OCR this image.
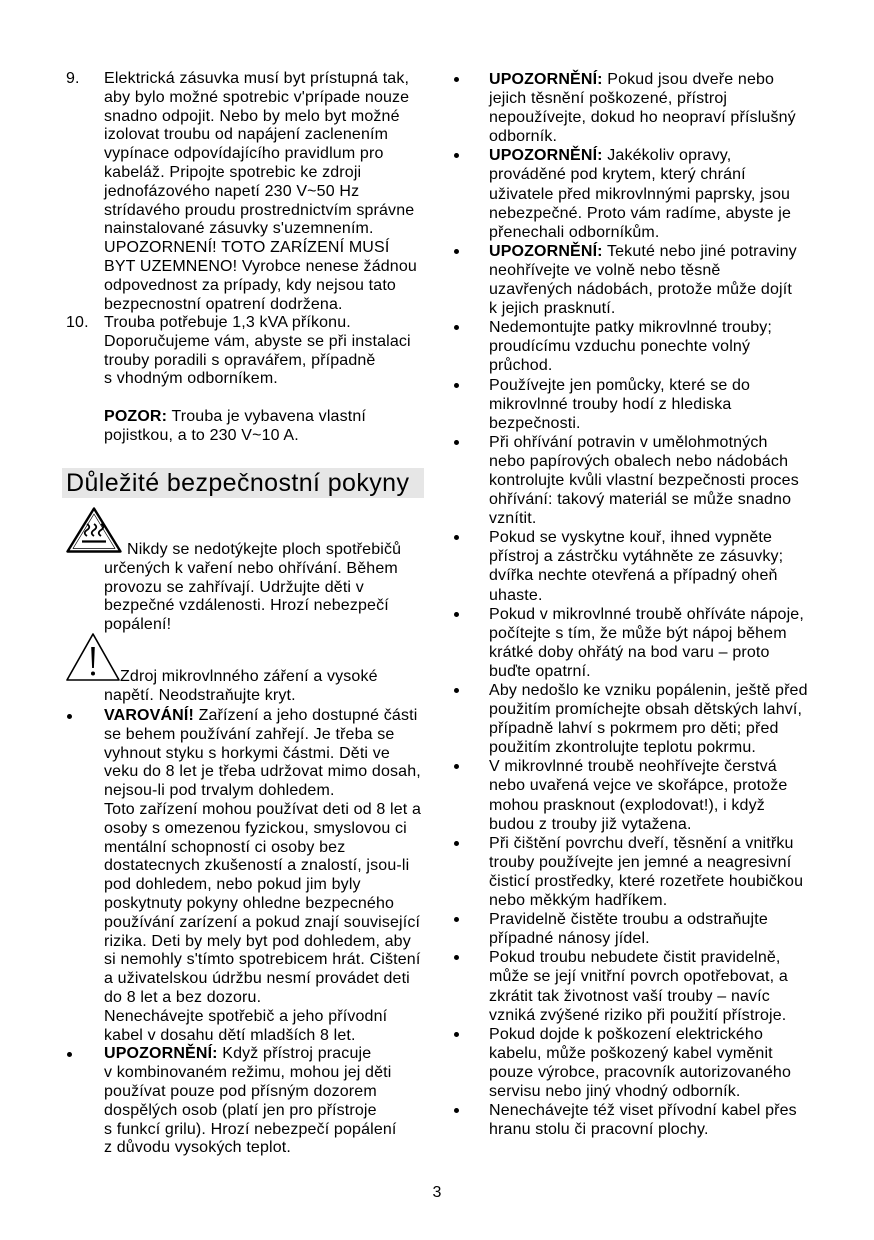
9. Elektrická zásuvka musí byt prístupná tak,
aby bylo možné spotrebic v'prípade nouze
snadno odpojit. Nebo by melo byt možné
izolovat troubu od napájení zaclenením
vypínace odpovídajícího pravidlum pro
kabeláž. Pripojte spotrebic ke zdroji
jednofázového napetí 230 V~50 Hz
strídavého proudu prostrednictvím správne
nainstalované zásuvky s'uzemnením.
UPOZORNENÍ! TOTO ZARÍZENÍ MUSÍ
BYT UZEMNENO! Vyrobce nenese žádnou
odpovednost za prípady, kdy nejsou tato
bezpecnostní opatrení dodržena.
10. Trouba potřebuje 1,3 kVA příkonu.
Doporučujeme vám, abyste se při instalaci
trouby poradili s opravářem, případně
s vhodným odborníkem.
POZOR: Trouba je vybavena vlastní
pojistkou, a to 230 V~10 A.
Důležité bezpečnostní pokyny
Nikdy se nedotýkejte ploch spotřebičů
určených k vaření nebo ohřívání. Během
provozu se zahřívají. Udržujte děti v
bezpečné vzdálenosti. Hrozí nebezpečí
popálení!
Zdroj mikrovlnného záření a vysoké
napětí. Neodstraňujte kryt.
VAROVÁNÍ! Zařízení a jeho dostupné části
se behem používání zahřejí. Je třeba se
vyhnout styku s horkymi částmi. Děti ve
veku do 8 let je třeba udržovat mimo dosah,
nejsou-li pod trvalym dohledem.
Toto zařízení mohou používat deti od 8 let a
osoby s omezenou fyzickou, smyslovou ci
mentální schopností ci osoby bez
dostatecnych zkušeností a znalostí, jsou-li
pod dohledem, nebo pokud jim byly
poskytnuty pokyny ohledne bezpecného
používání zarízení a pokud znají související
rizika. Deti by mely byt pod dohledem, aby
si nemohly s'tímto spotrebicem hrát. Cištení
a uživatelskou údržbu nesmí provádet deti
do 8 let a bez dozoru.
Nenechávejte spotřebič a jeho přívodní
kabel v dosahu dětí mladších 8 let.
UPOZORNĚNÍ: Když přístroj pracuje
v kombinovaném režimu, mohou jej děti
používat pouze pod přísným dozorem
dospělých osob (platí jen pro přístroje
s funkcí grilu). Hrozí nebezpečí popálení
z důvodu vysokých teplot.
UPOZORNĚNÍ: Pokud jsou dveře nebo
jejich těsnění poškozené, přístroj
nepoužívejte, dokud ho neopraví příslušný
odborník.
UPOZORNĚNÍ: Jakékoliv opravy,
prováděné pod krytem, který chrání
uživatele před mikrovlnnými paprsky, jsou
nebezpečné. Proto vám radíme, abyste je
přenechali odborníkům.
UPOZORNĚNÍ: Tekuté nebo jiné potraviny
neohřívejte ve volně nebo těsně
uzavřených nádobách, protože může dojít
k jejich prasknutí.
Nedemontujte patky mikrovlnné trouby;
proudícímu vzduchu ponechte volný
průchod.
Používejte jen pomůcky, které se do
mikrovlnné trouby hodí z hlediska
bezpečnosti.
Při ohřívání potravin v umělohmotných
nebo papírových obalech nebo nádobách
kontrolujte kvůli vlastní bezpečnosti proces
ohřívání: takový materiál se může snadno
vznítit.
Pokud se vyskytne kouř, ihned vypněte
přístroj a zástrčku vytáhněte ze zásuvky;
dvířka nechte otevřená a případný oheň
uhaste.
Pokud v mikrovlnné troubě ohříváte nápoje,
počítejte s tím, že může být nápoj během
krátké doby ohřátý na bod varu – proto
buďte opatrní.
Aby nedošlo ke vzniku popálenin, ještě před
použitím promíchejte obsah dětských lahví,
případně lahví s pokrmem pro děti; před
použitím zkontrolujte teplotu pokrmu.
V mikrovlnné troubě neohřívejte čerstvá
nebo uvařená vejce ve skořápce, protože
mohou prasknout (explodovat!), i když
budou z trouby již vytažena.
Při čištění povrchu dveří, těsnění a vnitřku
trouby používejte jen jemné a neagresivní
čisticí prostředky, které rozetřete houbičkou
nebo měkkým hadříkem.
Pravidelně čistěte troubu a odstraňujte
případné nánosy jídel.
Pokud troubu nebudete čistit pravidelně,
může se její vnitřní povrch opotřebovat, a
zkrátit tak životnost vaší trouby – navíc
vzniká zvýšené riziko při použití přístroje.
Pokud dojde k poškození elektrického
kabelu, může poškozený kabel vyměnit
pouze výrobce, pracovník autorizovaného
servisu nebo jiný vhodný odborník.
Nenechávejte též viset přívodní kabel přes
hranu stolu či pracovní plochy.
3
